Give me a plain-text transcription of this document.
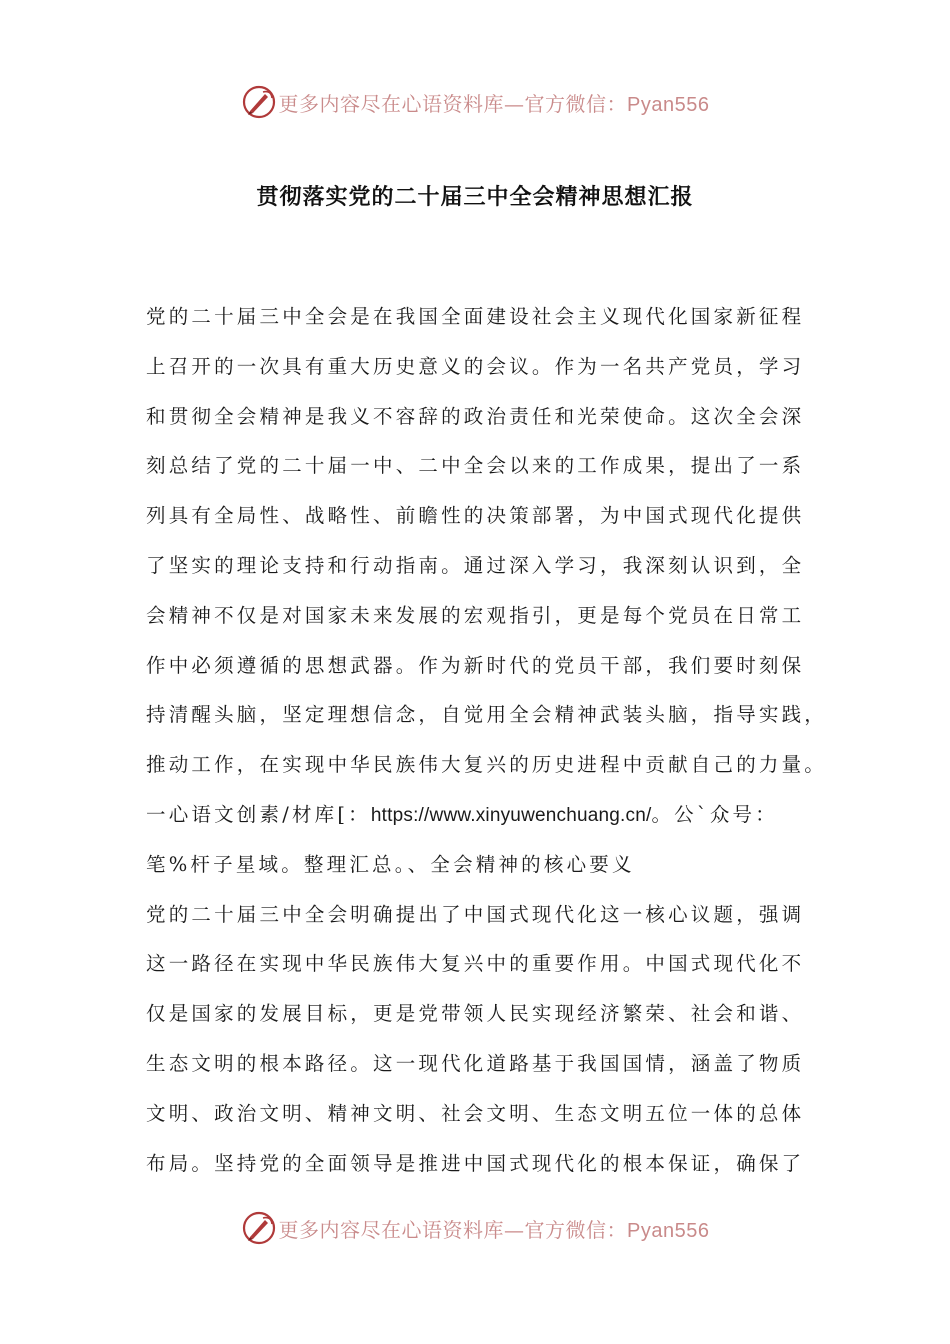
更多内容尽在心语资料库—官方微信：Pyan556
贯彻落实党的二十届三中全会精神思想汇报
党的二十届三中全会是在我国全面建设社会主义现代化国家新征程
上召开的一次具有重大历史意义的会议。作为一名共产党员，学习
和贯彻全会精神是我义不容辞的政治责任和光荣使命。这次全会深
刻总结了党的二十届一中、二中全会以来的工作成果，提出了一系
列具有全局性、战略性、前瞻性的决策部署，为中国式现代化提供
了坚实的理论支持和行动指南。通过深入学习，我深刻认识到，全
会精神不仅是对国家未来发展的宏观指引，更是每个党员在日常工
作中必须遵循的思想武器。作为新时代的党员干部，我们要时刻保
持清醒头脑，坚定理想信念，自觉用全会精神武装头脑，指导实践，
推动工作，在实现中华民族伟大复兴的历史进程中贡献自己的力量。
一心语文创素/材库[：https://www.xinyuwenchuang.cn/。公`众号：
笔%杆子星域。整理汇总。、全会精神的核心要义
党的二十届三中全会明确提出了中国式现代化这一核心议题，强调
这一路径在实现中华民族伟大复兴中的重要作用。中国式现代化不
仅是国家的发展目标，更是党带领人民实现经济繁荣、社会和谐、
生态文明的根本路径。这一现代化道路基于我国国情，涵盖了物质
文明、政治文明、精神文明、社会文明、生态文明五位一体的总体
布局。坚持党的全面领导是推进中国式现代化的根本保证，确保了
更多内容尽在心语资料库—官方微信：Pyan556
